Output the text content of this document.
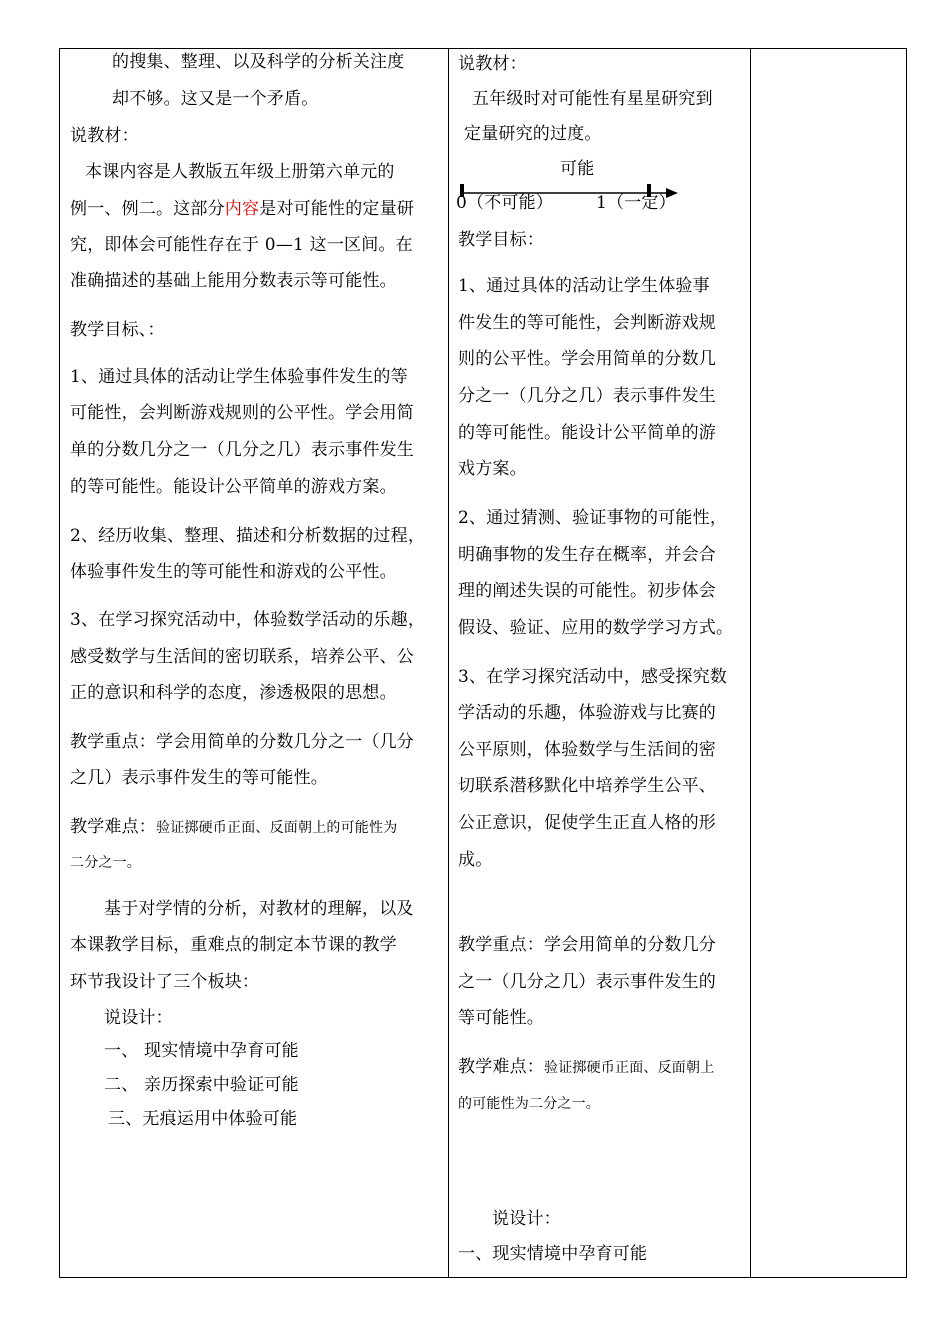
的搜集、整理、以及科学的分析关注度
却不够。这又是一个矛盾。
说教材：
本课内容是人教版五年级上册第六单元的
例一、例二。这部分内容是对可能性的定量研
究，即体会可能性存在于 0—1 这一区间。在
准确描述的基础上能用分数表示等可能性。
教学目标、：
1、通过具体的活动让学生体验事件发生的等
可能性，会判断游戏规则的公平性。学会用简
单的分数几分之一（几分之几）表示事件发生
的等可能性。能设计公平简单的游戏方案。
2、经历收集、整理、描述和分析数据的过程，
体验事件发生的等可能性和游戏的公平性。
3、在学习探究活动中，体验数学活动的乐趣，
感受数学与生活间的密切联系，培养公平、公
正的意识和科学的态度，渗透极限的思想。
教学重点：学会用简单的分数几分之一（几分
之几）表示事件发生的等可能性。
教学难点：验证掷硬币正面、反面朝上的可能性为
二分之一。
基于对学情的分析，对教材的理解，以及
本课教学目标，重难点的制定本节课的教学
环节我设计了三个板块：
说设计：
一、 现实情境中孕育可能
二、 亲历探索中验证可能
三、无痕运用中体验可能
说教材：
五年级时对可能性有星星研究到
定量研究的过度。
可能
0（不可能）	1（一定）
教学目标：
1、通过具体的活动让学生体验事
件发生的等可能性，会判断游戏规
则的公平性。学会用简单的分数几
分之一（几分之几）表示事件发生
的等可能性。能设计公平简单的游
戏方案。
2、通过猜测、验证事物的可能性，
明确事物的发生存在概率，并会合
理的阐述失误的可能性。初步体会
假设、验证、应用的数学学习方式。
3、在学习探究活动中，感受探究数
学活动的乐趣，体验游戏与比赛的
公平原则，体验数学与生活间的密
切联系潜移默化中培养学生公平、
公正意识，促使学生正直人格的形
成。
教学重点：学会用简单的分数几分
之一（几分之几）表示事件发生的
等可能性。
教学难点：验证掷硬币正面、反面朝上
的可能性为二分之一。
说设计：
一、现实情境中孕育可能
